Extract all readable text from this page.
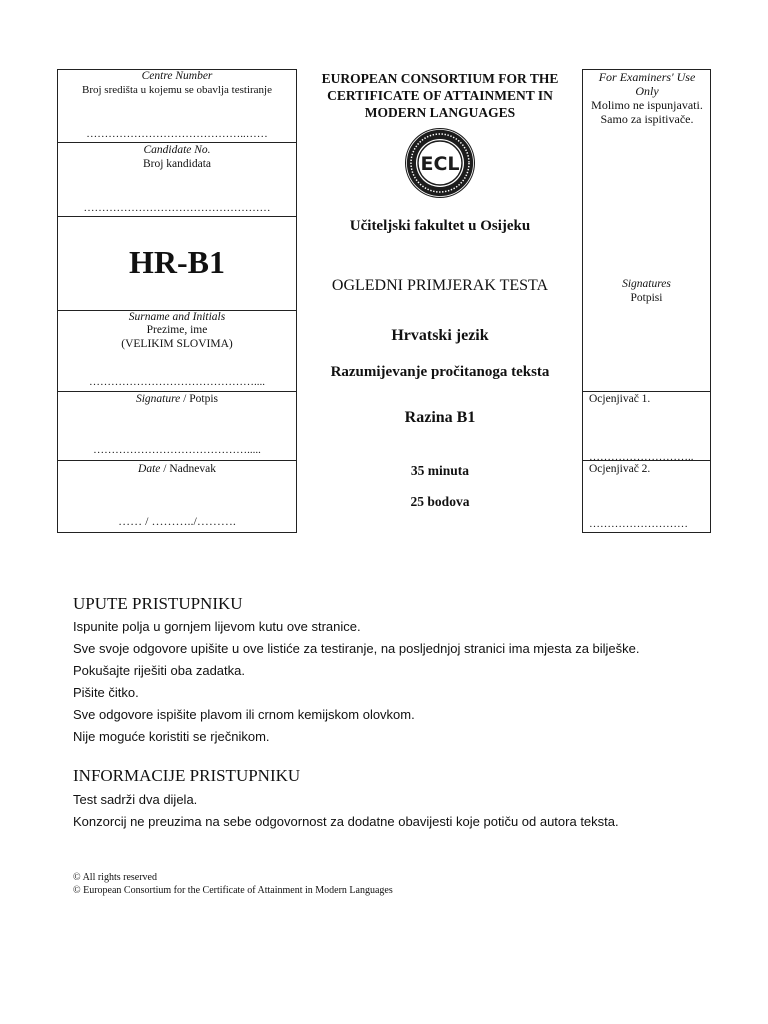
Centre Number
Broj središta u kojemu se obavlja testiranje
……………………………………..……
Candidate No.
Broj kandidata
……………………………………………
HR-B1
Surname and Initials
Prezime, ime
(VELIKIM SLOVIMA)
………………………………………....
Signature / Potpis
…………………………………….....
Date / Nadnevak
…… / ………../……….
EUROPEAN CONSORTIUM FOR THE CERTIFICATE OF ATTAINMENT IN MODERN LANGUAGES
ECL
Učiteljski fakultet u Osijeku
OGLEDNI PRIMJERAK TESTA
Hrvatski jezik
Razumijevanje pročitanoga teksta
Razina B1
35 minuta
25 bodova
For Examiners' Use Only
Molimo ne ispunjavati. Samo za ispitivače.
Signatures
Potpisi
Ocjenjivač 1.
………………………..
Ocjenjivač 2.
………………………
UPUTE PRISTUPNIKU
Ispunite polja u gornjem lijevom kutu ove stranice.
Sve svoje odgovore upišite u ove listiće za testiranje, na posljednjoj stranici ima mjesta za bilješke.
Pokušajte riješiti oba zadatka.
Pišite čitko.
Sve odgovore ispišite plavom ili crnom kemijskom olovkom.
Nije moguće koristiti se rječnikom.
INFORMACIJE PRISTUPNIKU
Test sadrži dva dijela.
Konzorcij ne preuzima na sebe odgovornost za dodatne obavijesti koje potiču od autora teksta.
© All rights reserved
© European Consortium for the Certificate of Attainment in Modern Languages
